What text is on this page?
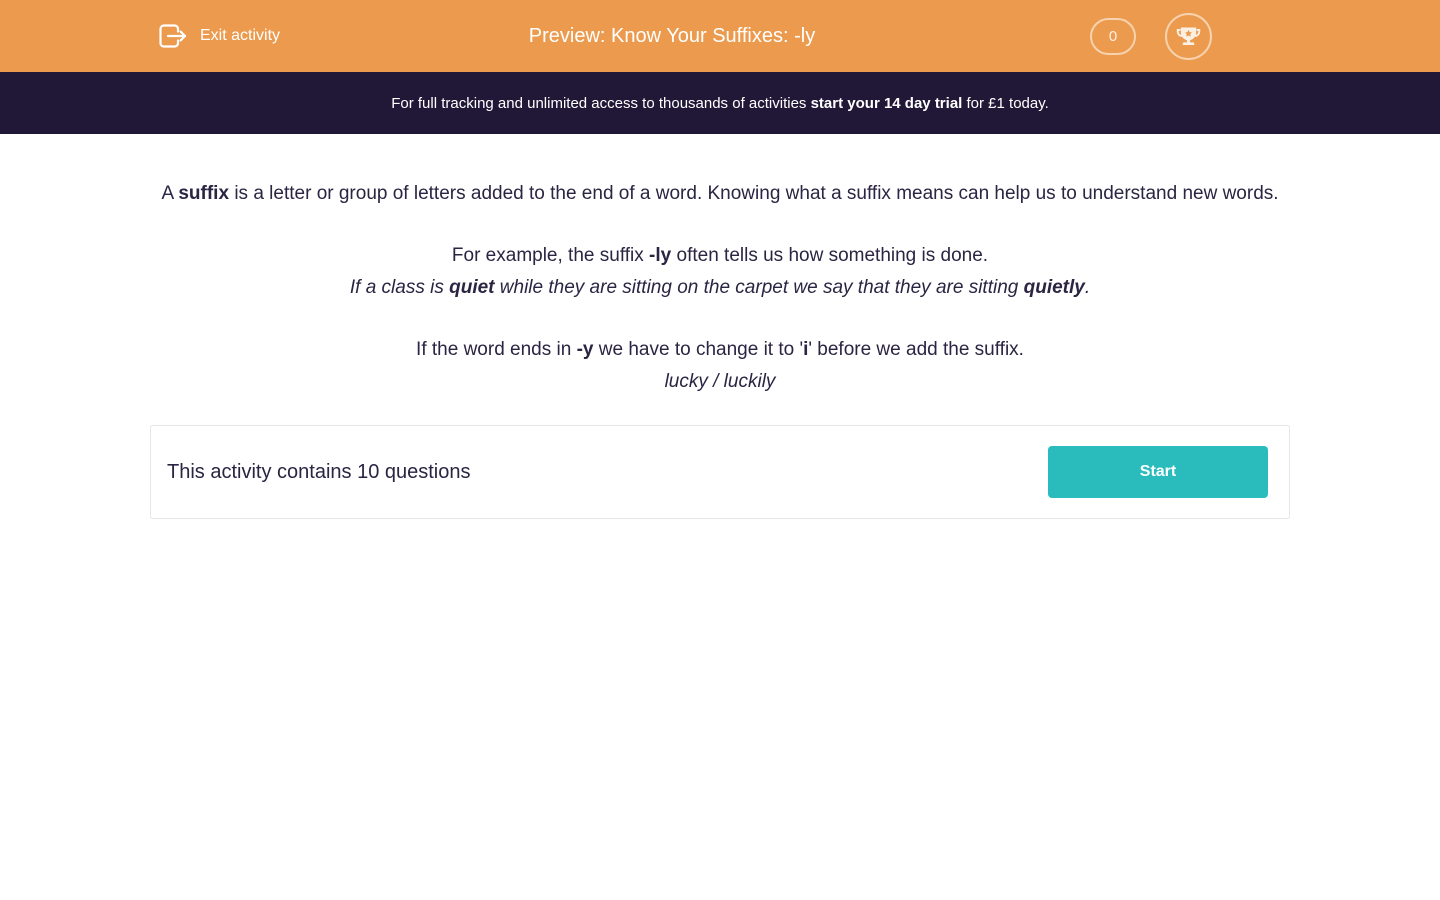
Exit activity	Preview: Know Your Suffixes: -ly	0
For full tracking and unlimited access to thousands of activities start your 14 day trial for £1 today.

A suffix is a letter or group of letters added to the end of a word. Knowing what a suffix means can help us to understand new words.

For example, the suffix -ly often tells us how something is done.
If a class is quiet while they are sitting on the carpet we say that they are sitting quietly.

If the word ends in -y we have to change it to 'i' before we add the suffix.
lucky / luckily

This activity contains 10 questions	Start
